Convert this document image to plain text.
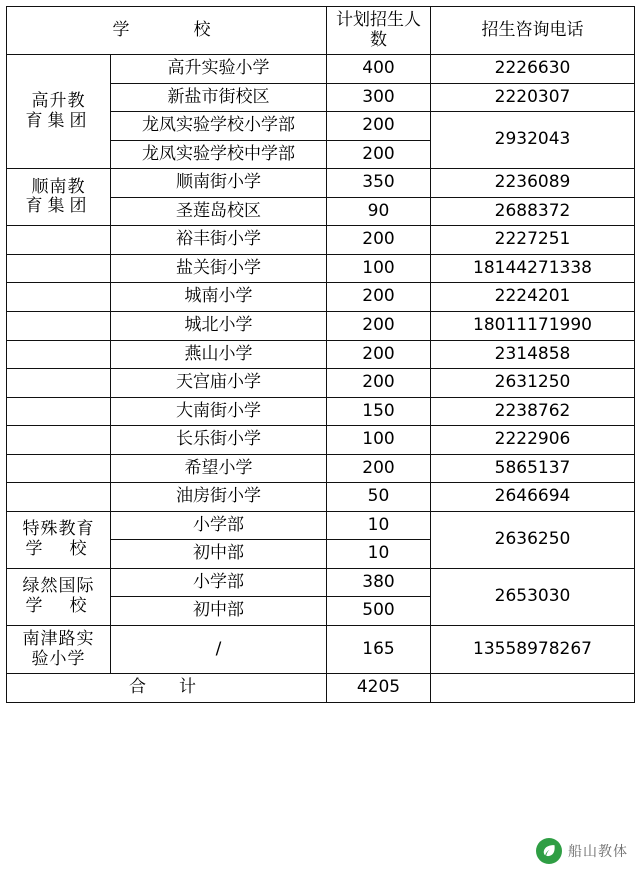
学　　校		计划招生人数	招生咨询电话

高升教
育集团	高升实验小学	400	2226630
	新盐市街校区	300	2220307
	龙凤实验学校小学部	200	2932043
	龙凤实验学校中学部	200	

顺南教
育集团	顺南街小学	350	2236089
	圣莲岛校区	90	2688372
	裕丰街小学	200	2227251
	盐关街小学	100	18144271338
	城南小学	200	2224201
	城北小学	200	18011171990
	燕山小学	200	2314858
	天宫庙小学	200	2631250
	大南街小学	150	2238762
	长乐街小学	100	2222906
	希望小学	200	5865137
	油房街小学	50	2646694

特殊教育
学　校	小学部	10	2636250
	初中部	10	

绿然国际
学　校	小学部	380	2653030
	初中部	500	

南津路实
验小学	/	165	13558978267
合　计		4205	
船山教体
